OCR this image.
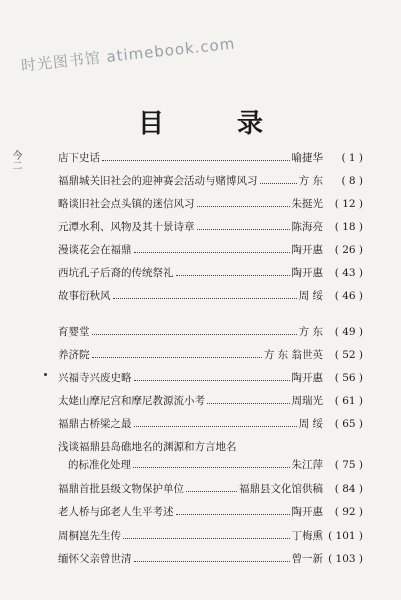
时光图书馆 atimebook.com
目 录
今二	店下史话	喻捷华	( 1 )
福鼎城关旧社会的迎神赛会活动与赌博风习	方 东	( 8 )
略谈旧社会点头镇的迷信风习	朱挺光	( 12 )
元潭水利、风物及其十景诗章	陈海亮	( 18 )
漫谈花会在福鼎	陶开惠	( 26 )
西坑孔子后裔的传统祭礼	陶开惠	( 43 )
故事衍秋风	周 绥	( 46 )
育婴堂	方 东	( 49 )
养济院	方 东 翁世英	( 52 )
兴福寺兴废史略	陶开惠	( 56 )
太姥山摩尼宫和摩尼教源流小考	周瑞光	( 61 )
福鼎古桥梁之最	周 绥	( 65 )
浅谈福鼎县岛礁地名的渊源和方言地名
的标准化处理	朱江萍	( 75 )
福鼎首批县级文物保护单位	福鼎县文化馆供稿	( 84 )
老人桥与邱老人生平考述	陶开惠	( 92 )
周桐崑先生传	丁梅熏 ( 101 )
缅怀父亲曾世清	曾一新 ( 103 )
